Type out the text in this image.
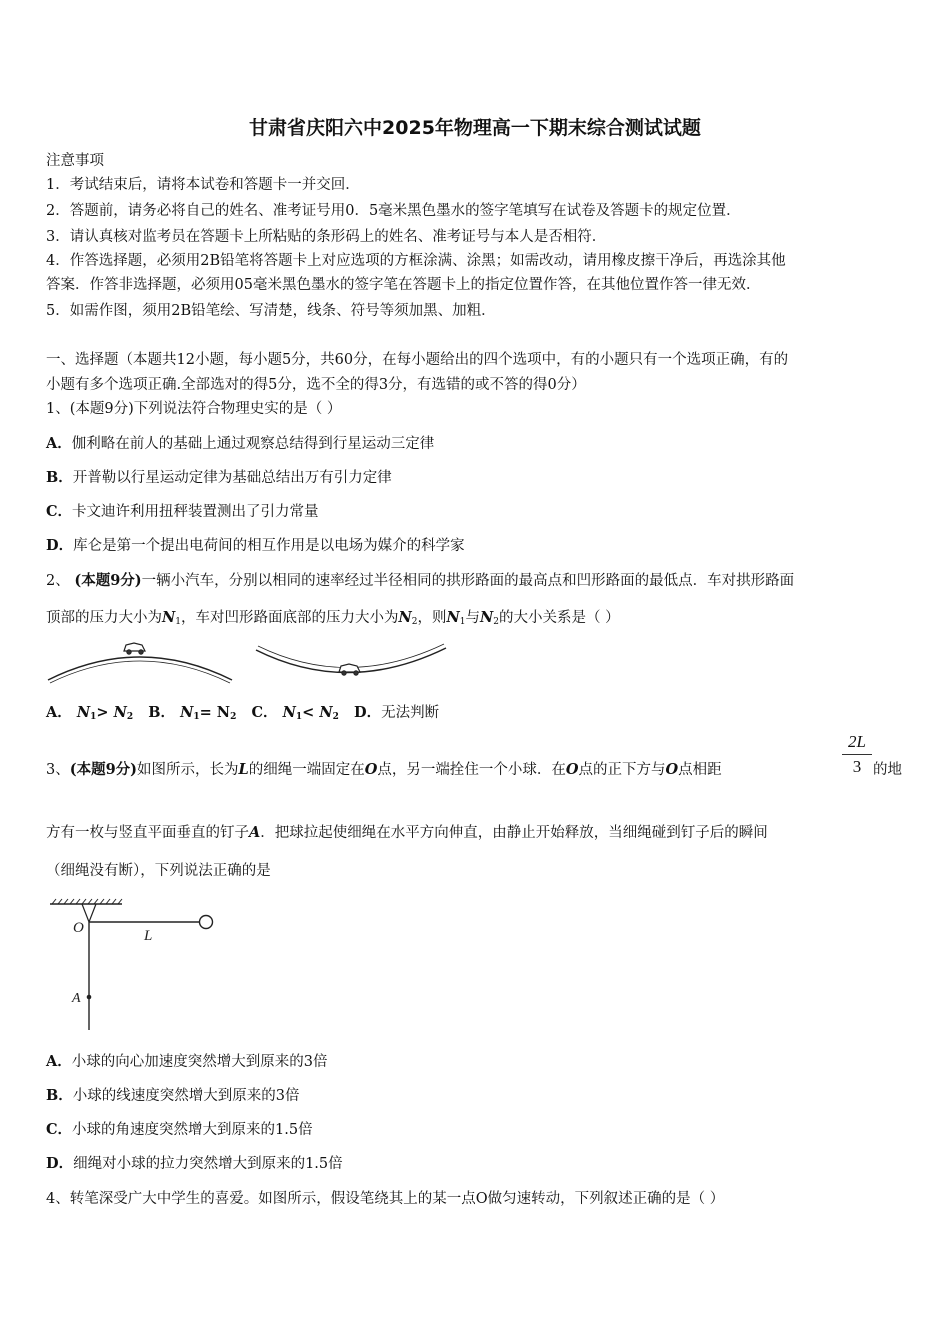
甘肃省庆阳六中2025年物理高一下期末综合测试试题
注意事项
1．考试结束后，请将本试卷和答题卡一并交回．
2．答题前，请务必将自己的姓名、准考证号用0．5毫米黑色墨水的签字笔填写在试卷及答题卡的规定位置．
3．请认真核对监考员在答题卡上所粘贴的条形码上的姓名、准考证号与本人是否相符．
4．作答选择题，必须用2B铅笔将答题卡上对应选项的方框涂满、涂黑；如需改动，请用橡皮擦干净后，再选涂其他
答案．作答非选择题，必须用05毫米黑色墨水的签字笔在答题卡上的指定位置作答，在其他位置作答一律无效．
5．如需作图，须用2B铅笔绘、写清楚，线条、符号等须加黑、加粗．
一、选择题（本题共12小题，每小题5分，共60分，在每小题给出的四个选项中，有的小题只有一个选项正确，有的
小题有多个选项正确.全部选对的得5分，选不全的得3分，有选错的或不答的得0分）
1、(本题9分)下列说法符合物理史实的是（ ）
A．伽利略在前人的基础上通过观察总结得到行星运动三定律
B．开普勒以行星运动定律为基础总结出万有引力定律
C．卡文迪许利用扭秤装置测出了引力常量
D．库仑是第一个提出电荷间的相互作用是以电场为媒介的科学家
2、 (本题9分)一辆小汽车，分别以相同的速率经过半径相同的拱形路面的最高点和凹形路面的最低点．车对拱形路面
顶部的压力大小为$N_1$，车对凹形路面底部的压力大小为$N_2$，则$N_1$与$N_2$的大小关系是（ ）
A． $N_1> N_2$ B． $N_1= N_2$ C． $N_1< N_2$ D．无法判断
3、(本题9分)如图所示，长为L的细绳一端固定在O点，另一端拴住一个小球．在O点的正下方与O点相距	$\frac{2L}{3}$ 的地
方有一枚与竖直平面垂直的钉子A．把球拉起使细绳在水平方向伸直，由静止开始释放，当细绳碰到钉子后的瞬间
（细绳没有断），下列说法正确的是
O	L
A
A．小球的向心加速度突然增大到原来的3倍
B．小球的线速度突然增大到原来的3倍
C．小球的角速度突然增大到原来的1.5倍
D．细绳对小球的拉力突然增大到原来的1.5倍
4、转笔深受广大中学生的喜爱。如图所示，假设笔绕其上的某一点O做匀速转动，下列叙述正确的是（ ）
